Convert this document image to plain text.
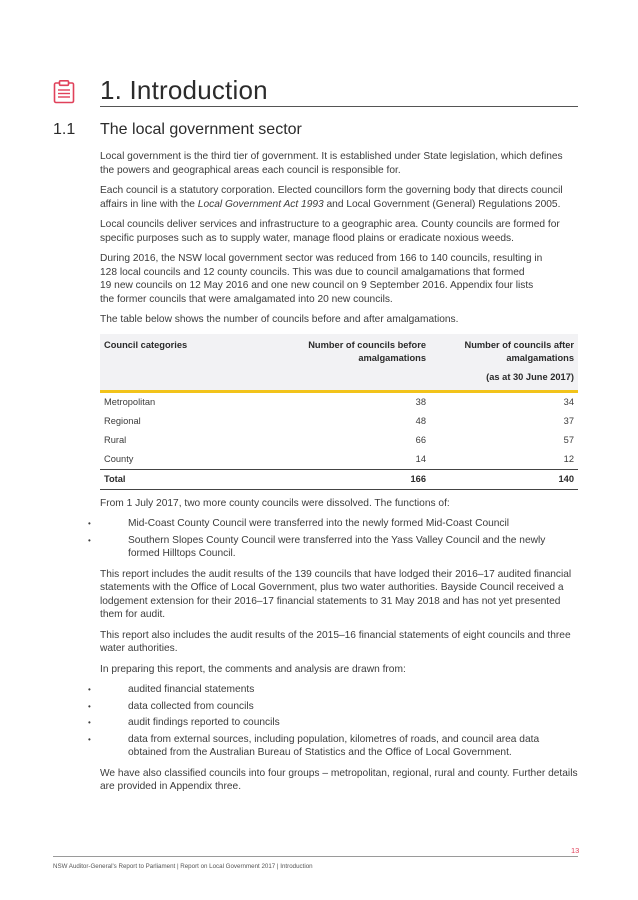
1. Introduction
1.1 The local government sector

Local government is the third tier of government. It is established under State legislation, which defines the powers and geographical areas each council is responsible for.

Each council is a statutory corporation. Elected councillors form the governing body that directs council affairs in line with the Local Government Act 1993 and Local Government (General) Regulations 2005.

Local councils deliver services and infrastructure to a geographic area. County councils are formed for specific purposes such as to supply water, manage flood plains or eradicate noxious weeds.

During 2016, the NSW local government sector was reduced from 166 to 140 councils, resulting in
128 local councils and 12 county councils. This was due to council amalgamations that formed
19 new councils on 12 May 2016 and one new council on 9 September 2016. Appendix four lists
the former councils that were amalgamated into 20 new councils.

The table below shows the number of councils before and after amalgamations.

Council categories	Number of councils before amalgamations	Number of councils after amalgamations
(as at 30 June 2017)

Metropolitan	38	34
Regional	48	37
Rural	66	57
County	14	12
Total	166	140

From 1 July 2017, two more county councils were dissolved. The functions of:

• Mid-Coast County Council were transferred into the newly formed Mid-Coast Council
• Southern Slopes County Council were transferred into the Yass Valley Council and the newly formed Hilltops Council.

This report includes the audit results of the 139 councils that have lodged their 2016–17 audited financial statements with the Office of Local Government, plus two water authorities. Bayside Council received a lodgement extension for their 2016–17 financial statements to 31 May 2018 and has not yet presented them for audit.

This report also includes the audit results of the 2015–16 financial statements of eight councils and three water authorities.

In preparing this report, the comments and analysis are drawn from:

• audited financial statements
• data collected from councils
• audit findings reported to councils
• data from external sources, including population, kilometres of roads, and council area data obtained from the Australian Bureau of Statistics and the Office of Local Government.

We have also classified councils into four groups – metropolitan, regional, rural and county. Further details are provided in Appendix three.

13
NSW Auditor-General's Report to Parliament | Report on Local Government 2017 | Introduction
